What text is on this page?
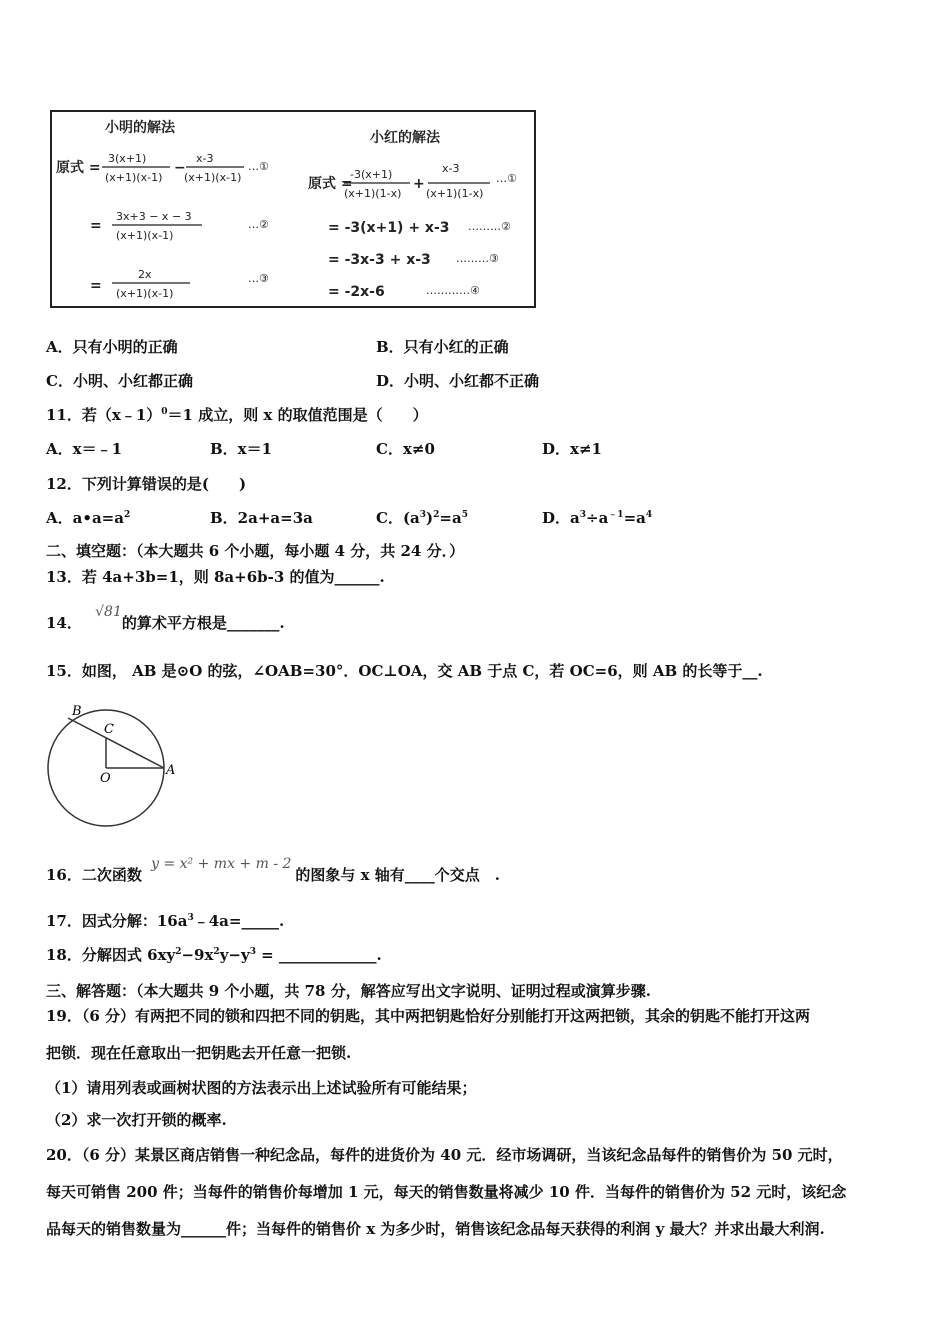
小明的解法
原式 =
3(x+1)
(x+1)(x-1)
−
x-3
(x+1)(x-1)
…①
=
3x+3 − x − 3
(x+1)(x-1)
…②
=
2x
(x+1)(x-1)
…③
小红的解法
原式 =
-3(x+1)
(x+1)(1-x)
+
x-3
(x+1)(1-x)
…①
= -3(x+1) + x-3 ………②
= -3x-3 + x-3 ………③
= -2x-6	…………④
A．只有小明的正确	B．只有小红的正确
C．小明、小红都正确	D．小明、小红都不正确
11．若（x﹣1）$^0$＝1 成立，则 x 的取值范围是（　　）
A．x＝﹣1	B．x＝1	C．x≠0	D．x≠1
12．下列计算错误的是(　　)
A．$a•a=a^2$	B．2a+a=3a	C．$(a^3)^2=a^5$	D．$a^3\div a^{﹣1}=a^4$
二、填空题：（本大题共 6 个小题，每小题 4 分，共 24 分．）
13．若 4a+3b=1，则 8a+6b-3 的值为______.
14． √81的算术平方根是_______.
15．如图， AB 是⊙O 的弦，∠OAB=30°．OC⊥OA，交 AB 于点 C，若 OC=6，则 AB 的长等于__.
B
C
O
A
16．二次函数 y = x² + mx + m - 2的图象与 x 轴有____个交点　.
17．因式分解：$16a^3﹣4a=\_\_\_\_\_$.
18．分解因式 $6xy^2-9x^2y-y^3$ = _____________.
三、解答题：（本大题共 9 个小题，共 78 分，解答应写出文字说明、证明过程或演算步骤.
19．（6 分）有两把不同的锁和四把不同的钥匙，其中两把钥匙恰好分别能打开这两把锁，其余的钥匙不能打开这两
把锁．现在任意取出一把钥匙去开任意一把锁.
（1）请用列表或画树状图的方法表示出上述试验所有可能结果；
（2）求一次打开锁的概率.
20．（6 分）某景区商店销售一种纪念品，每件的进货价为 40 元．经市场调研，当该纪念品每件的销售价为 50 元时，
每天可销售 200 件；当每件的销售价每增加 1 元，每天的销售数量将减少 10 件．当每件的销售价为 52 元时，该纪念
品每天的销售数量为______件；当每件的销售价 x 为多少时，销售该纪念品每天获得的利润 y 最大？并求出最大利润.
